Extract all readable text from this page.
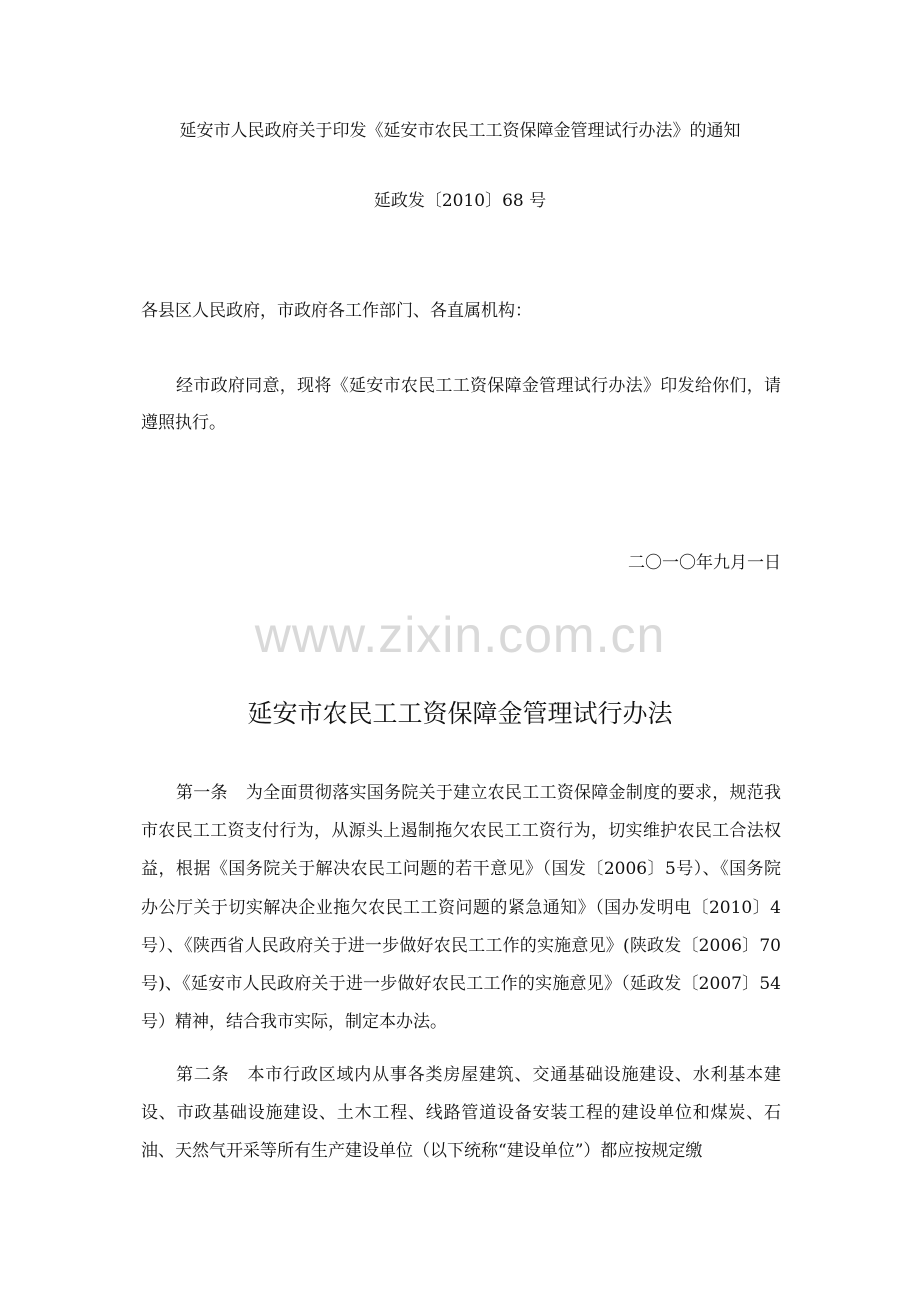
延安市人民政府关于印发《延安市农民工工资保障金管理试行办法》的通知
延政发〔2010〕68 号
各县区人民政府，市政府各工作部门、各直属机构：
经市政府同意，现将《延安市农民工工资保障金管理试行办法》印发给你们，请遵照执行。
二〇一〇年九月一日
www.zixin.com.cn
延安市农民工工资保障金管理试行办法
第一条 为全面贯彻落实国务院关于建立农民工工资保障金制度的要求，规范我市农民工工资支付行为，从源头上遏制拖欠农民工工资行为，切实维护农民工合法权益，根据《国务院关于解决农民工问题的若干意见》（国发〔2006〕5号）、《国务院办公厅关于切实解决企业拖欠农民工工资问题的紧急通知》（国办发明电〔2010〕4 号）、《陕西省人民政府关于进一步做好农民工工作的实施意见》(陕政发〔2006〕70 号)、《延安市人民政府关于进一步做好农民工工作的实施意见》（延政发〔2007〕54 号）精神，结合我市实际，制定本办法。
第二条 本市行政区域内从事各类房屋建筑、交通基础设施建设、水利基本建设、市政基础设施建设、土木工程、线路管道设备安装工程的建设单位和煤炭、石油、天然气开采等所有生产建设单位（以下统称“建设单位”）都应按规定缴
